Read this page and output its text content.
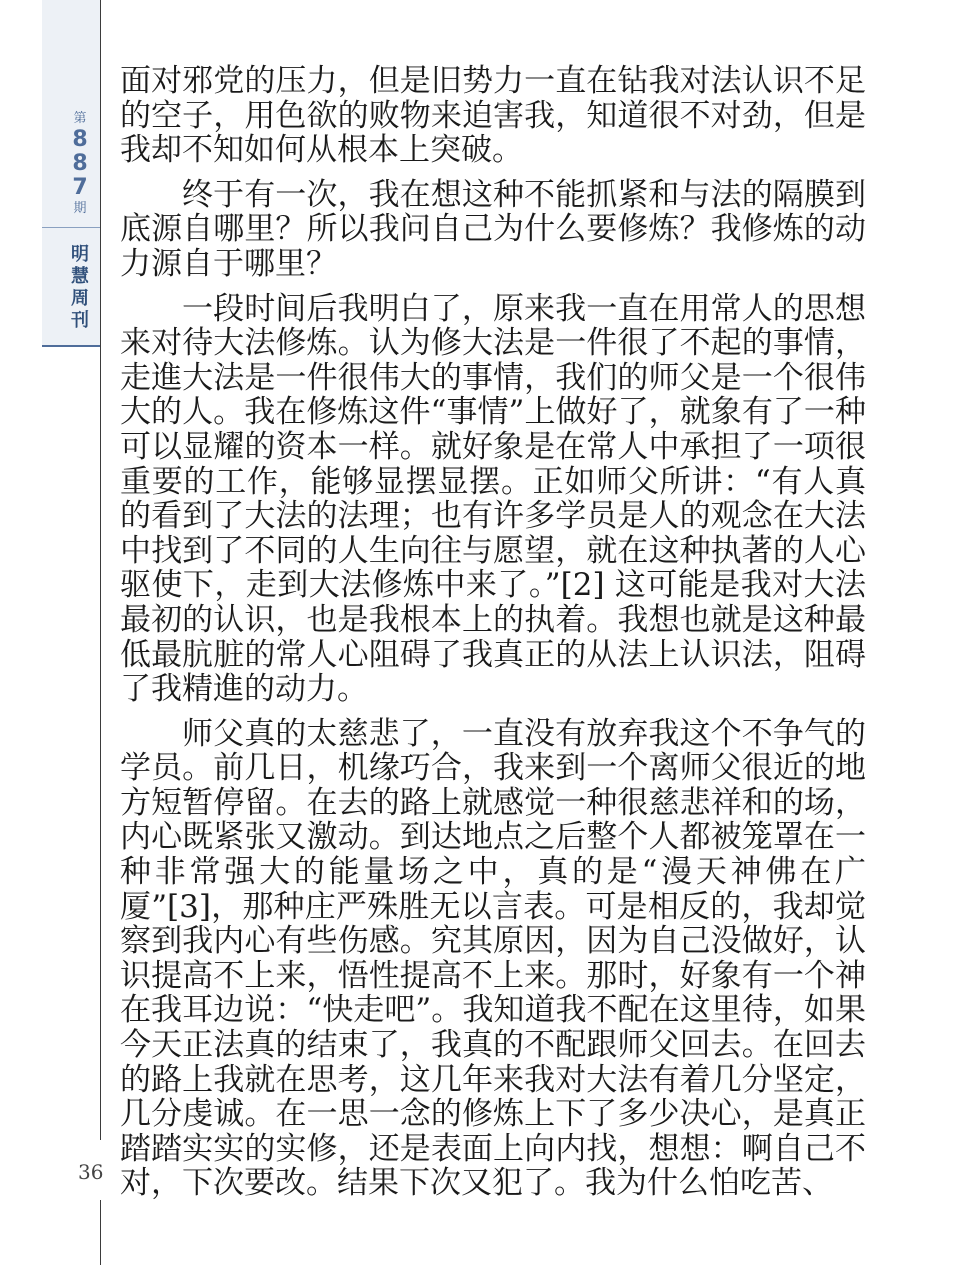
第
8
8
7
期
明
慧
周
刊
36

面对邪党的压力，但是旧势力一直在钻我对法认识不足的空子，用色欲的败物来迫害我，知道很不对劲，但是我却不知如何从根本上突破。

终于有一次，我在想这种不能抓紧和与法的隔膜到底源自哪里？所以我问自己为什么要修炼？我修炼的动力源自于哪里？

一段时间后我明白了，原来我一直在用常人的思想来对待大法修炼。认为修大法是一件很了不起的事情，走進大法是一件很伟大的事情，我们的师父是一个很伟大的人。我在修炼这件“事情”上做好了，就象有了一种可以显耀的资本一样。就好象是在常人中承担了一项很重要的工作，能够显摆显摆。正如师父所讲：“有人真的看到了大法的法理；也有许多学员是人的观念在大法中找到了不同的人生向往与愿望，就在这种执著的人心驱使下，走到大法修炼中来了。”[2] 这可能是我对大法最初的认识，也是我根本上的执着。我想也就是这种最低最肮脏的常人心阻碍了我真正的从法上认识法，阻碍了我精進的动力。

师父真的太慈悲了，一直没有放弃我这个不争气的学员。前几日，机缘巧合，我来到一个离师父很近的地方短暂停留。在去的路上就感觉一种很慈悲祥和的场，内心既紧张又激动。到达地点之后整个人都被笼罩在一种非常强大的能量场之中，真的是“漫天神佛在广厦”[3]，那种庄严殊胜无以言表。可是相反的，我却觉察到我内心有些伤感。究其原因，因为自己没做好，认识提高不上来，悟性提高不上来。那时，好象有一个神在我耳边说：“快走吧”。我知道我不配在这里待，如果今天正法真的结束了，我真的不配跟师父回去。在回去的路上我就在思考，这几年来我对大法有着几分坚定，几分虔诚。在一思一念的修炼上下了多少决心，是真正踏踏实实的实修，还是表面上向内找，想想：啊自己不对，下次要改。结果下次又犯了。我为什么怕吃苦、
